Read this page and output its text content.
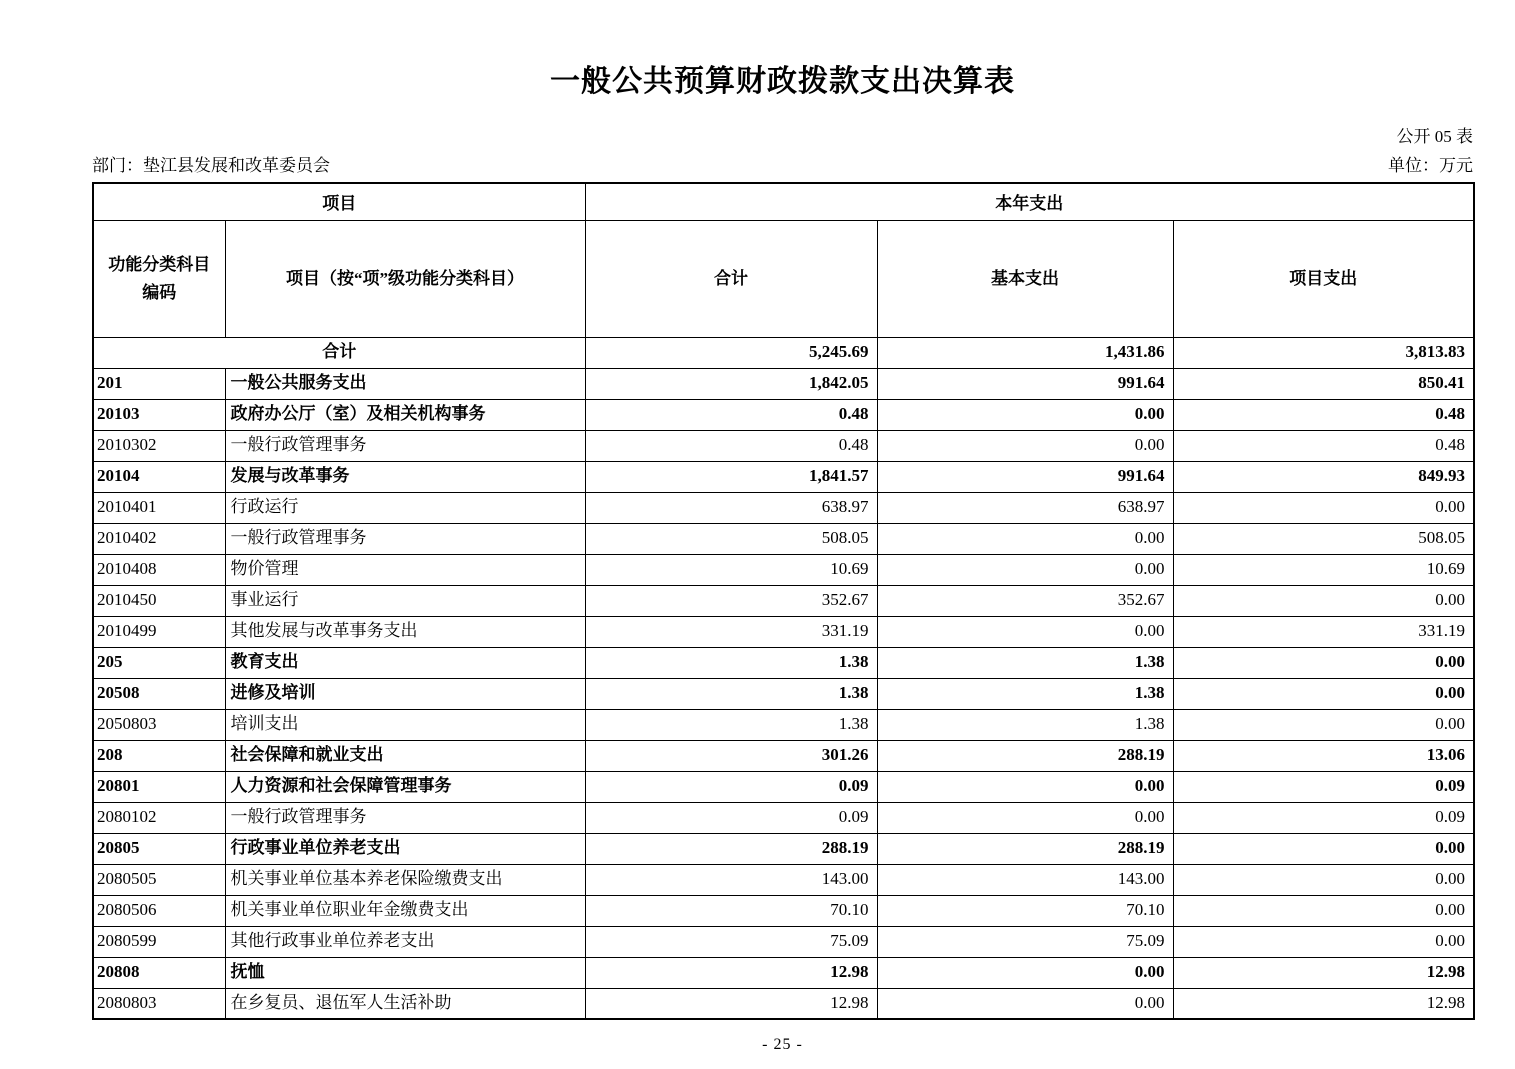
一般公共预算财政拨款支出决算表
公开 05 表
部门：垫江县发展和改革委员会	单位：万元
项目		本年支出		
功能分类科目编码	项目（按“项”级功能分类科目）	合计	基本支出	项目支出
合计		5,245.69	1,431.86	3,813.83
201	一般公共服务支出	1,842.05	991.64	850.41
20103	政府办公厅（室）及相关机构事务	0.48	0.00	0.48
2010302	一般行政管理事务	0.48	0.00	0.48
20104	发展与改革事务	1,841.57	991.64	849.93
2010401	行政运行	638.97	638.97	0.00
2010402	一般行政管理事务	508.05	0.00	508.05
2010408	物价管理	10.69	0.00	10.69
2010450	事业运行	352.67	352.67	0.00
2010499	其他发展与改革事务支出	331.19	0.00	331.19
205	教育支出	1.38	1.38	0.00
20508	进修及培训	1.38	1.38	0.00
2050803	培训支出	1.38	1.38	0.00
208	社会保障和就业支出	301.26	288.19	13.06
20801	人力资源和社会保障管理事务	0.09	0.00	0.09
2080102	一般行政管理事务	0.09	0.00	0.09
20805	行政事业单位养老支出	288.19	288.19	0.00
2080505	机关事业单位基本养老保险缴费支出	143.00	143.00	0.00
2080506	机关事业单位职业年金缴费支出	70.10	70.10	0.00
2080599	其他行政事业单位养老支出	75.09	75.09	0.00
20808	抚恤	12.98	0.00	12.98
2080803	在乡复员、退伍军人生活补助	12.98	0.00	12.98
- 25 -
